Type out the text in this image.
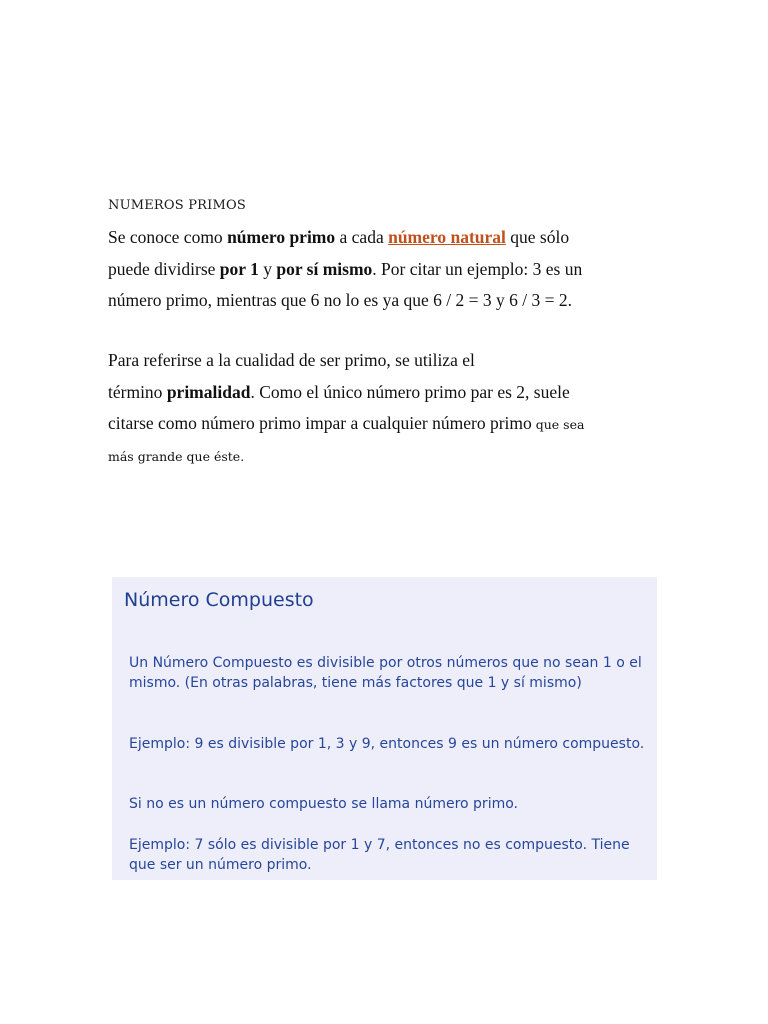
NUMEROS PRIMOS
Se conoce como número primo a cada número natural que sólo
puede dividirse por 1 y por sí mismo. Por citar un ejemplo: 3 es un
número primo, mientras que 6 no lo es ya que 6 / 2 = 3 y 6 / 3 = 2.
Para referirse a la cualidad de ser primo, se utiliza el
término primalidad. Como el único número primo par es 2, suele
citarse como número primo impar a cualquier número primo que sea
más grande que éste.
Número Compuesto

Un Número Compuesto es divisible por otros números que no sean 1 o el mismo. (En otras palabras, tiene más factores que 1 y sí mismo)

Ejemplo: 9 es divisible por 1, 3 y 9, entonces 9 es un número compuesto.

Si no es un número compuesto se llama número primo.

Ejemplo: 7 sólo es divisible por 1 y 7, entonces no es compuesto. Tiene que ser un número primo.
